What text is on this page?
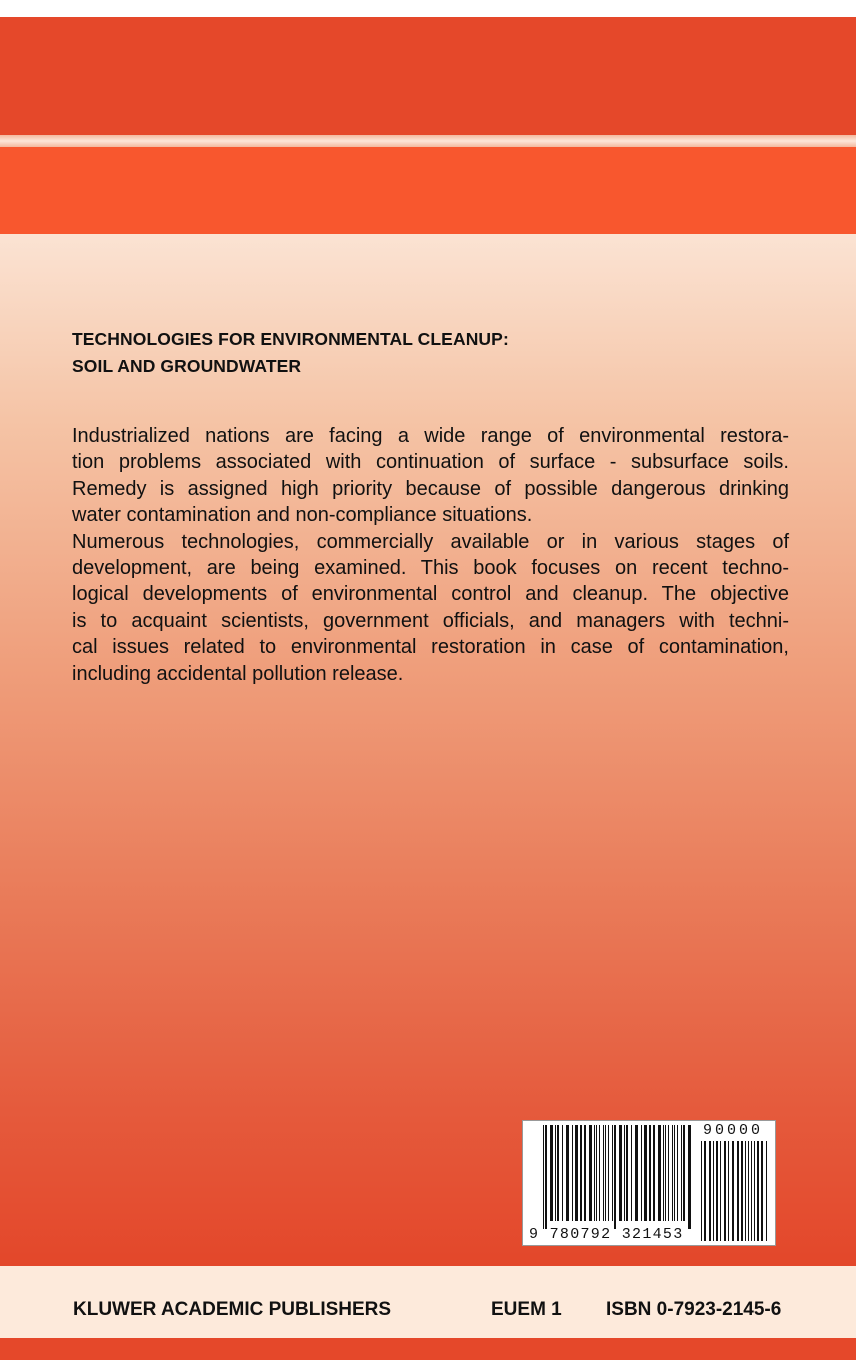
TECHNOLOGIES FOR ENVIRONMENTAL CLEANUP:
SOIL AND GROUNDWATER
Industrialized nations are facing a wide range of environmental restora-
tion problems associated with continuation of surface - subsurface soils.
Remedy is assigned high priority because of possible dangerous drinking
water contamination and non-compliance situations.
Numerous technologies, commercially available or in various stages of
development, are being examined. This book focuses on recent techno-
logical developments of environmental control and cleanup. The objective
is to acquaint scientists, government officials, and managers with techni-
cal issues related to environmental restoration in case of contamination,
including accidental pollution release.
9 780792 321453
90000
KLUWER ACADEMIC PUBLISHERS	EUEM 1 ISBN 0-7923-2145-6
